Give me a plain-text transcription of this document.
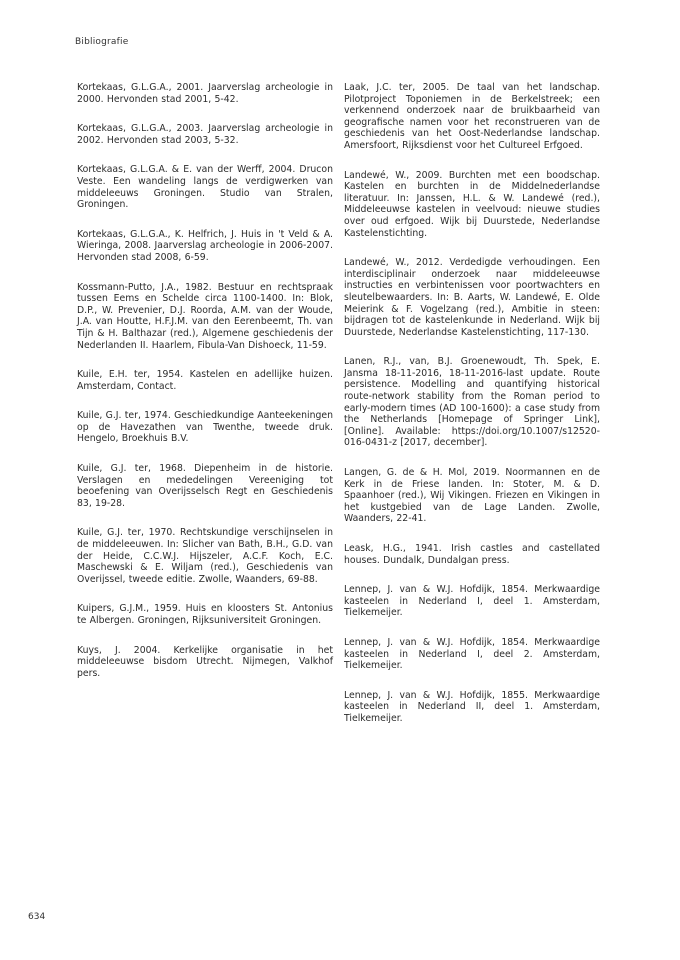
Bibliografie

Kortekaas, G.L.G.A., 2001. Jaarverslag archeologie in 2000. Hervonden stad 2001, 5-42.

Kortekaas, G.L.G.A., 2003. Jaarverslag archeologie in 2002. Hervonden stad 2003, 5-32.

Kortekaas, G.L.G.A. & E. van der Werff, 2004. Drucon Veste. Een wandeling langs de verdigwerken van middeleeuws Groningen. Studio van Stralen, Groningen.

Kortekaas, G.L.G.A., K. Helfrich, J. Huis in 't Veld & A. Wieringa, 2008. Jaarverslag archeologie in 2006-2007. Hervonden stad 2008, 6-59.

Kossmann-Putto, J.A., 1982. Bestuur en rechtspraak tussen Eems en Schelde circa 1100-1400. In: Blok, D.P., W. Prevenier, D.J. Roorda, A.M. van der Woude, J.A. van Houtte, H.F.J.M. van den Eerenbeemt, Th. van Tijn & H. Balthazar (red.), Algemene geschiedenis der Nederlanden II. Haarlem, Fibula-Van Dishoeck, 11-59.

Kuile, E.H. ter, 1954. Kastelen en adellijke huizen. Amsterdam, Contact.

Kuile, G.J. ter, 1974. Geschiedkundige Aanteekeningen op de Havezathen van Twenthe, tweede druk. Hengelo, Broekhuis B.V.

Kuile, G.J. ter, 1968. Diepenheim in de historie. Verslagen en mededelingen Vereeniging tot beoefening van Overijsselsch Regt en Geschiedenis 83, 19-28.

Kuile, G.J. ter, 1970. Rechtskundige verschijnselen in de middeleeuwen. In: Slicher van Bath, B.H., G.D. van der Heide, C.C.W.J. Hijszeler, A.C.F. Koch, E.C. Maschewski & E. Wiljam (red.), Geschiedenis van Overijssel, tweede editie. Zwolle, Waanders, 69-88.

Kuipers, G.J.M., 1959. Huis en kloosters St. Antonius te Albergen. Groningen, Rijksuniversiteit Groningen.

Kuys, J. 2004. Kerkelijke organisatie in het middeleeuwse bisdom Utrecht. Nijmegen, Valkhof pers.

Laak, J.C. ter, 2005. De taal van het landschap. Pilotproject Toponiemen in de Berkelstreek; een verkennend onderzoek naar de bruikbaarheid van geografische namen voor het reconstrueren van de geschiedenis van het Oost-Nederlandse landschap. Amersfoort, Rijksdienst voor het Cultureel Erfgoed.

Landewé, W., 2009. Burchten met een boodschap. Kastelen en burchten in de Middelnederlandse literatuur. In: Janssen, H.L. & W. Landewé (red.), Middeleeuwse kastelen in veelvoud: nieuwe studies over oud erfgoed. Wijk bij Duurstede, Nederlandse Kastelenstichting.

Landewé, W., 2012. Verdedigde verhoudingen. Een interdisciplinair onderzoek naar middeleeuwse instructies en verbintenissen voor poortwachters en sleutelbewaarders. In: B. Aarts, W. Landewé, E. Olde Meierink & F. Vogelzang (red.), Ambitie in steen: bijdragen tot de kastelenkunde in Nederland. Wijk bij Duurstede, Nederlandse Kastelenstichting, 117-130.

Lanen, R.J., van, B.J. Groenewoudt, Th. Spek, E. Jansma 18-11-2016, 18-11-2016-last update. Route persistence. Modelling and quantifying historical route-network stability from the Roman period to early-modern times (AD 100-1600): a case study from the Netherlands [Homepage of Springer Link], [Online]. Available: https://doi.org/10.1007/s12520-016-0431-z [2017, december].

Langen, G. de & H. Mol, 2019. Noormannen en de Kerk in de Friese landen. In: Stoter, M. & D. Spaanhoer (red.), Wij Vikingen. Friezen en Vikingen in het kustgebied van de Lage Landen. Zwolle, Waanders, 22-41.

Leask, H.G., 1941. Irish castles and castellated houses. Dundalk, Dundalgan press.

Lennep, J. van & W.J. Hofdijk, 1854. Merkwaardige kasteelen in Nederland I, deel 1. Amsterdam, Tielkemeijer.

Lennep, J. van & W.J. Hofdijk, 1854. Merkwaardige kasteelen in Nederland I, deel 2. Amsterdam, Tielkemeijer.

Lennep, J. van & W.J. Hofdijk, 1855. Merkwaardige kasteelen in Nederland II, deel 1. Amsterdam, Tielkemeijer.

634
